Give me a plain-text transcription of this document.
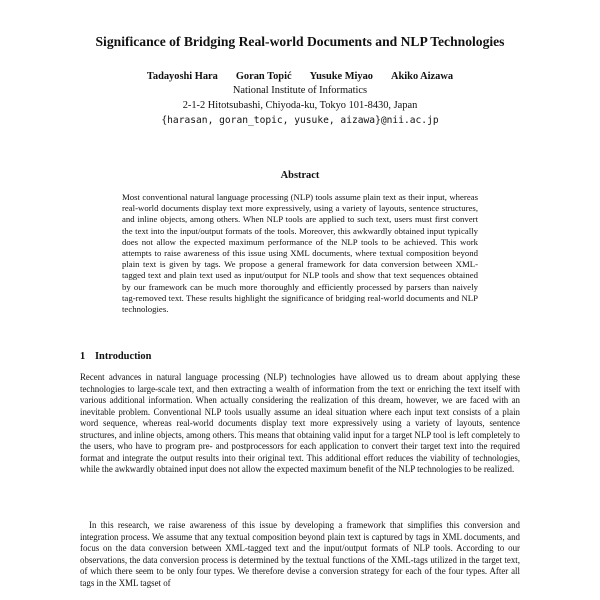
Significance of Bridging Real-world Documents and NLP Technologies
Tadayoshi Hara Goran Topić Yusuke Miyao Akiko Aizawa
National Institute of Informatics
2-1-2 Hitotsubashi, Chiyoda-ku, Tokyo 101-8430, Japan
{harasan, goran_topic, yusuke, aizawa}@nii.ac.jp
Abstract

Most conventional natural language processing (NLP) tools assume plain text as their input, whereas real-world documents display text more expressively, using a variety of layouts, sentence structures, and inline objects, among others. When NLP tools are applied to such text, users must first convert the text into the input/output formats of the tools. Moreover, this awkwardly obtained input typically does not allow the expected maximum performance of the NLP tools to be achieved. This work attempts to raise awareness of this issue using XML documents, where textual composition beyond plain text is given by tags. We propose a general framework for data conversion between XML-tagged text and plain text used as input/output for NLP tools and show that text sequences obtained by our framework can be much more thoroughly and efficiently processed by parsers than naively tag-removed text. These results highlight the significance of bridging real-world documents and NLP technologies.

1 Introduction

Recent advances in natural language processing (NLP) technologies have allowed us to dream about applying these technologies to large-scale text, and then extracting a wealth of information from the text or enriching the text itself with various additional information. When actually considering the realization of this dream, however, we are faced with an inevitable problem. Conventional NLP tools usually assume an ideal situation where each input text consists of a plain word sequence, whereas real-world documents display text more expressively using a variety of layouts, sentence structures, and inline objects, among others. This means that obtaining valid input for a target NLP tool is left completely to the users, who have to program pre- and postprocessors for each application to convert their target text into the required format and integrate the output results into their original text. This additional effort reduces the viability of technologies, while the awkwardly obtained input does not allow the expected maximum benefit of the NLP technologies to be realized.

In this research, we raise awareness of this issue by developing a framework that simplifies this conversion and integration process. We assume that any textual composition beyond plain text is captured by tags in XML documents, and focus on the data conversion between XML-tagged text and the input/output formats of NLP tools. According to our observations, the data conversion process is determined by the textual functions of the XML-tags utilized in the target text, of which there seem to be only four types. We therefore devise a conversion strategy for each of the four types. After all tags in the XML tagset of
